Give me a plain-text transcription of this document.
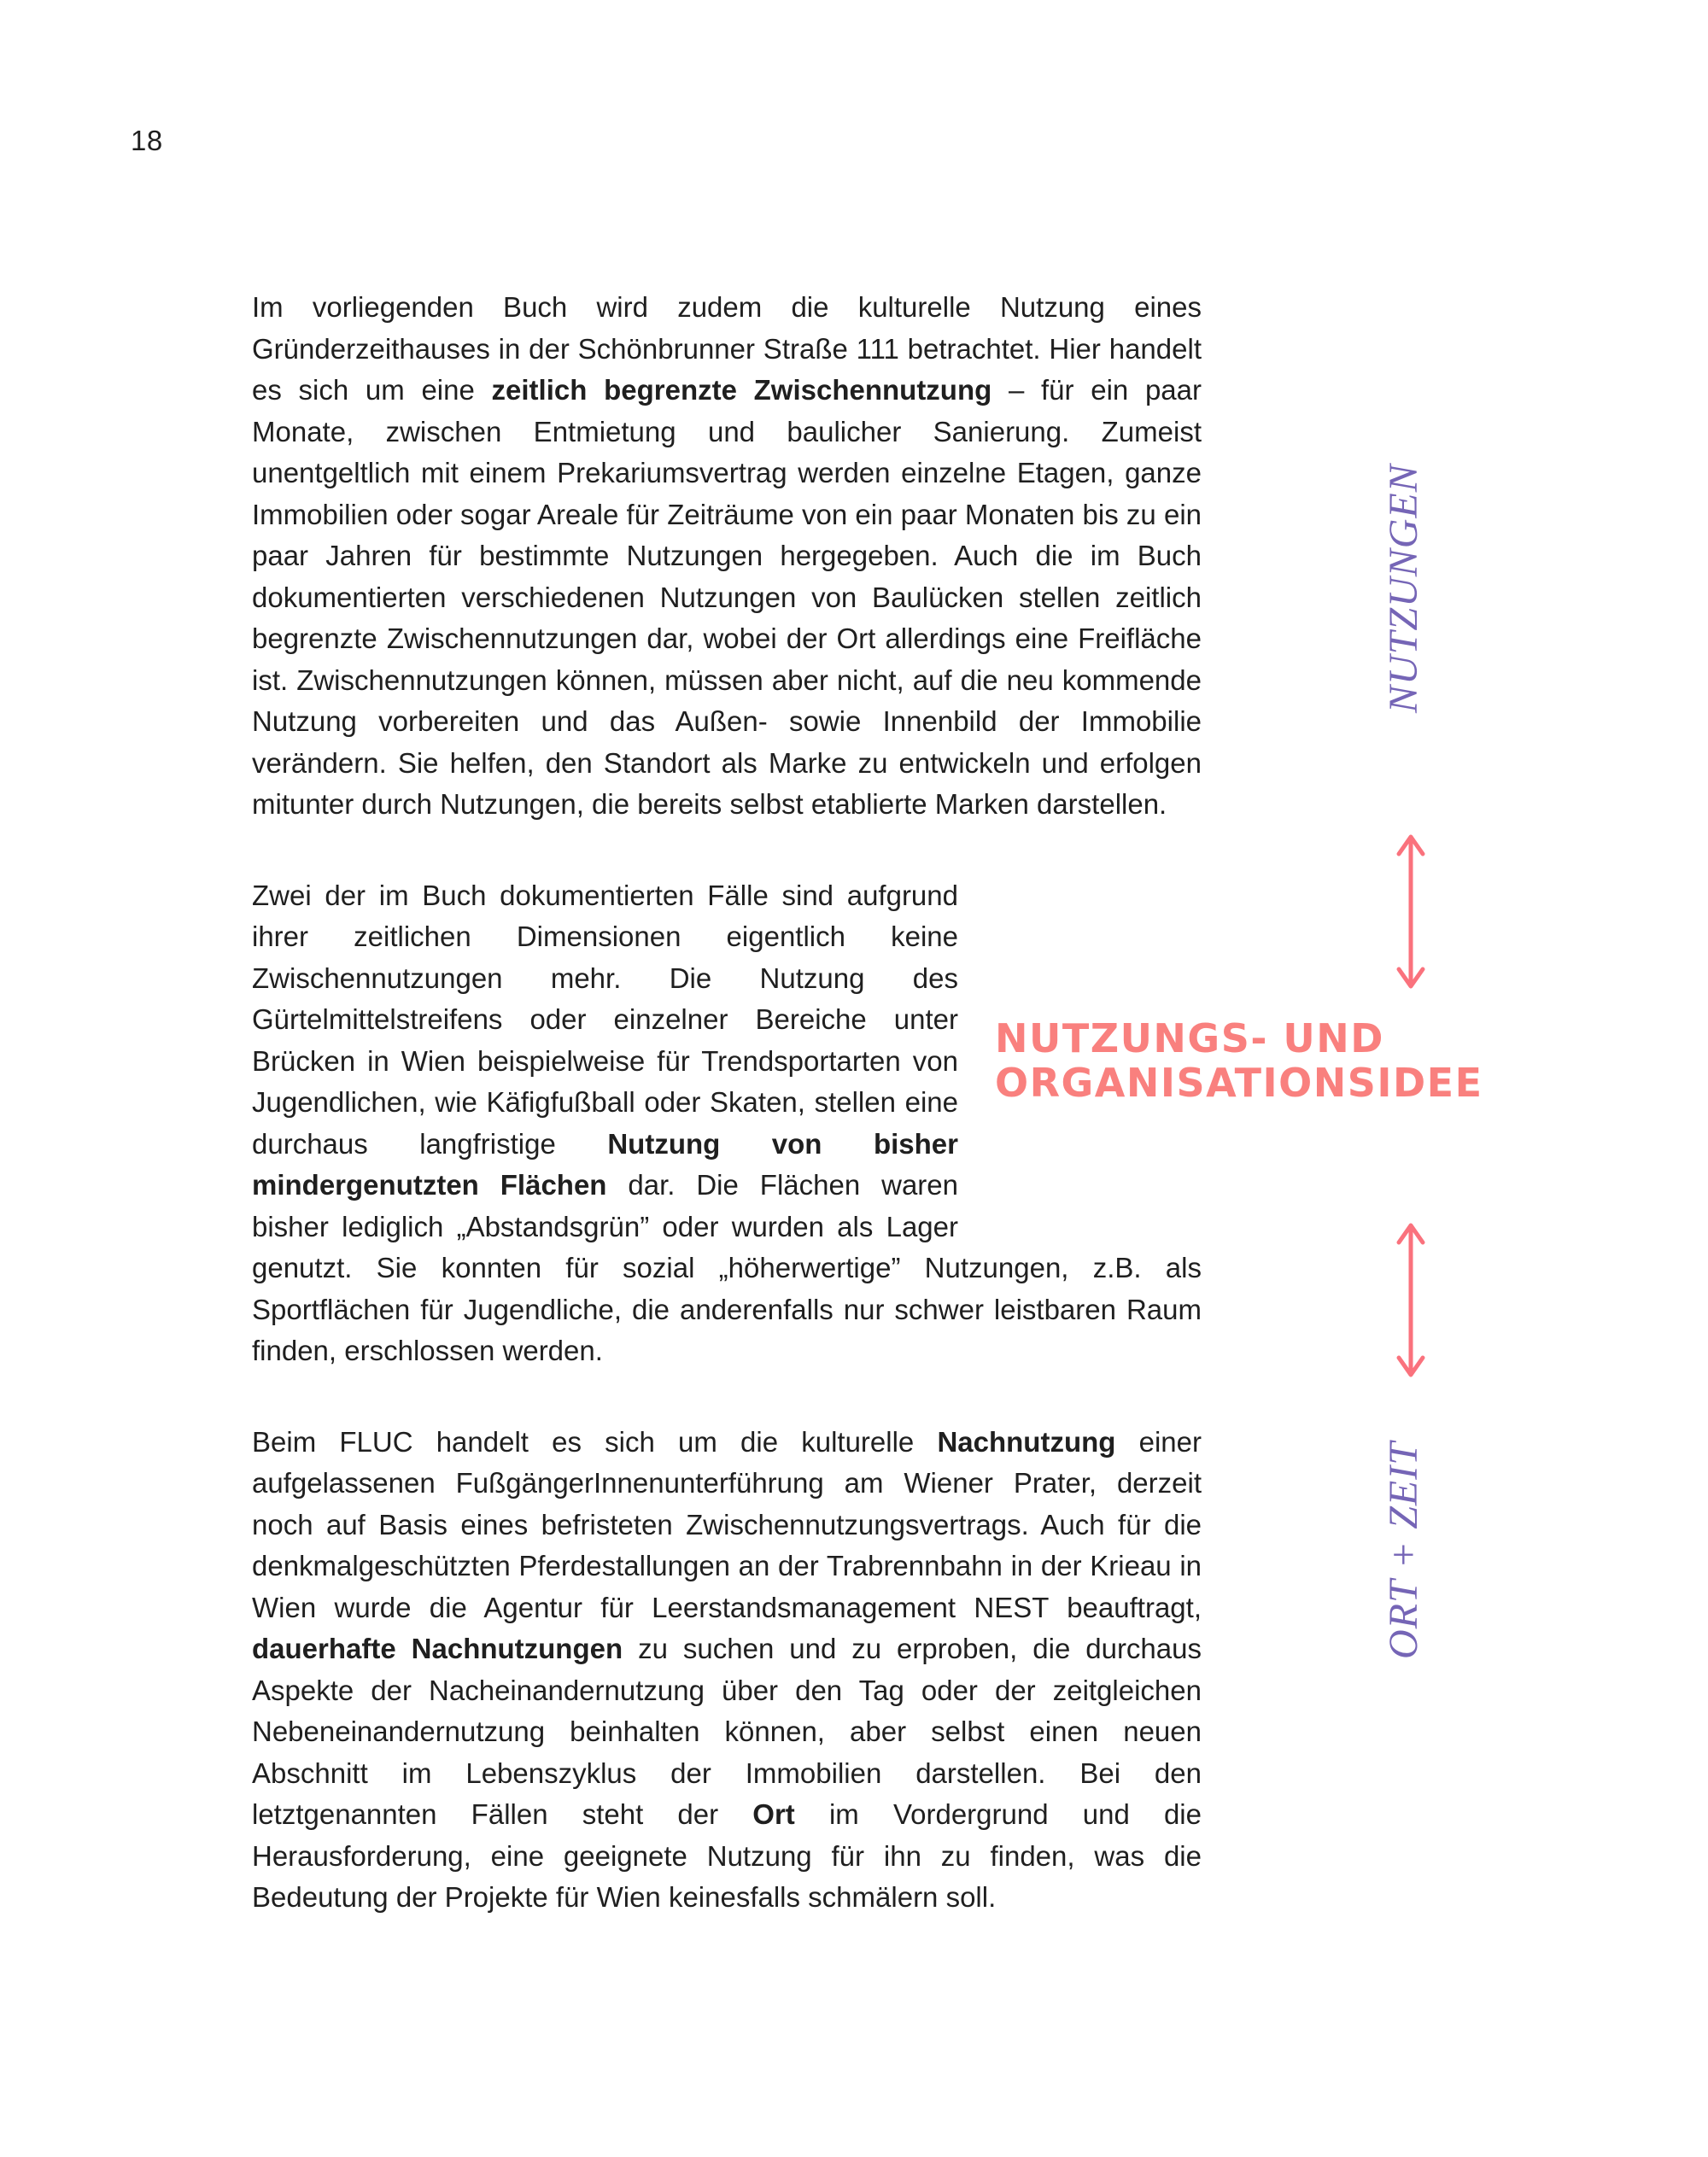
18

Im vorliegenden Buch wird zudem die kulturelle Nutzung eines Gründerzeithauses in der Schönbrunner Straße 111 betrachtet. Hier handelt es sich um eine zeitlich begrenzte Zwischennutzung – für ein paar Monate, zwischen Entmietung und baulicher Sanierung. Zumeist unentgeltlich mit einem Prekariumsvertrag werden einzelne Etagen, ganze Immobilien oder sogar Areale für Zeiträume von ein paar Monaten bis zu ein paar Jahren für bestimmte Nutzungen hergegeben. Auch die im Buch dokumentierten verschiedenen Nutzungen von Baulücken stellen zeitlich begrenzte Zwischennutzungen dar, wobei der Ort allerdings eine Freifläche ist. Zwischennutzungen können, müssen aber nicht, auf die neu kommende Nutzung vorbereiten und das Außen- sowie Innenbild der Immobilie verändern. Sie helfen, den Standort als Marke zu entwickeln und erfolgen mitunter durch Nutzungen, die bereits selbst etablierte Marken darstellen.

NUTZUNGS- UND
ORGANISATIONSIDEE
Zwei der im Buch dokumentierten Fälle sind aufgrund ihrer zeitlichen Dimensionen eigentlich keine Zwischennutzungen mehr. Die Nutzung des Gürtelmittelstreifens oder einzelner Bereiche unter Brücken in Wien beispielweise für Trendsportarten von Jugendlichen, wie Käfigfußball oder Skaten, stellen eine durchaus langfristige Nutzung von bisher mindergenutzten Flächen dar. Die Flächen waren bisher lediglich „Abstandsgrün” oder wurden als Lager genutzt. Sie konnten für sozial „höherwertige” Nutzungen, z.B. als Sportflächen für Jugendliche, die anderenfalls nur schwer leistbaren Raum finden, erschlossen werden.

Beim FLUC handelt es sich um die kulturelle Nachnutzung einer aufgelassenen FußgängerInnenunterführung am Wiener Prater, derzeit noch auf Basis eines befristeten Zwischennutzungsvertrags. Auch für die denkmalgeschützten Pferdestallungen an der Trabrennbahn in der Krieau in Wien wurde die Agentur für Leerstandsmanagement NEST beauftragt, dauerhafte Nachnutzungen zu suchen und zu erproben, die durchaus Aspekte der Nacheinandernutzung über den Tag oder der zeitgleichen Nebeneinandernutzung beinhalten können, aber selbst einen neuen Abschnitt im Lebenszyklus der Immobilien darstellen. Bei den letztgenannten Fällen steht der Ort im Vordergrund und die Herausforderung, eine geeignete Nutzung für ihn zu finden, was die Bedeutung der Projekte für Wien keinesfalls schmälern soll.

NUTZUNGEN
ORT + ZEIT
